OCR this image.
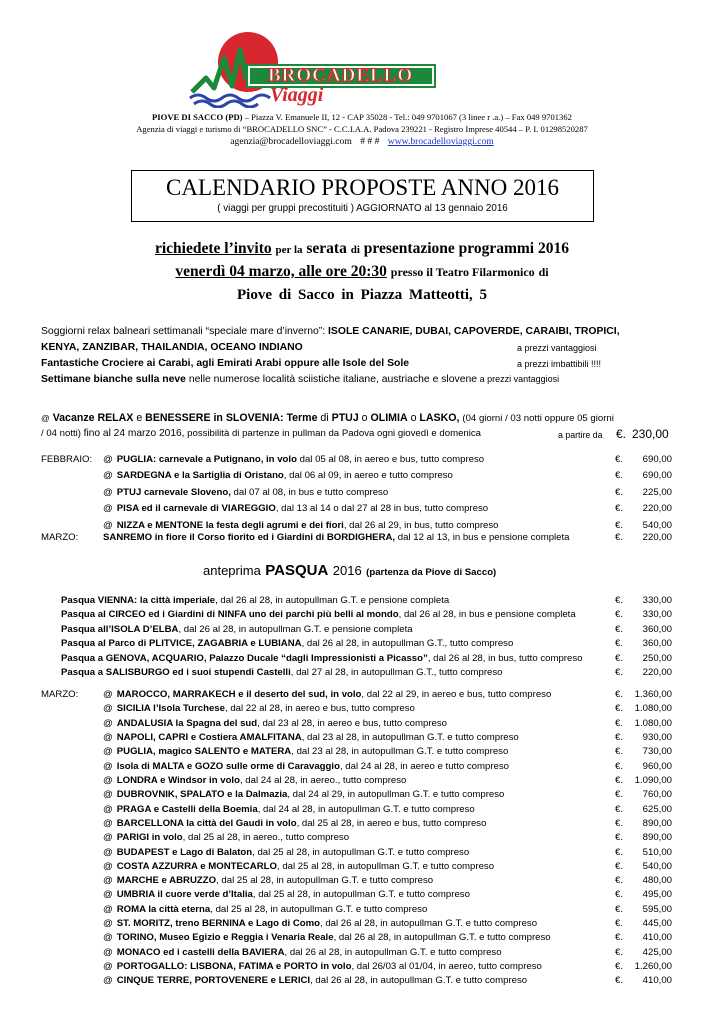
BROCADELLO
Viaggi
PIOVE DI SACCO (PD) – Piazza V. Emanuele II, 12 - CAP 35028 - Tel.: 049 9701067 (3 linee r .a.) – Fax 049 9701362
Agenzia di viaggi e turismo di “BROCADELLO SNC” - C.C.I.A.A. Padova 239221 - Registro Imprese 40544 – P. I. 01298520287
agenzia@brocadelloviaggi.com # # # www.brocadelloviaggi.com
CALENDARIO PROPOSTE ANNO 2016
( viaggi per gruppi precostituiti ) AGGIORNATO al 13 gennaio 2016
richiedete l’invito per la serata di presentazione programmi 2016
venerdì 04 marzo, alle ore 20:30 presso il Teatro Filarmonico di
Piove di Sacco in Piazza Matteotti, 5
Soggiorni relax balneari settimanali “speciale mare d’inverno”: ISOLE CANARIE, DUBAI, CAPOVERDE, CARAIBI, TROPICI,
KENYA, ZANZIBAR, THAILANDIA, OCEANO INDIANO	a prezzi vantaggiosi
Fantastiche Crociere ai Carabi, agli Emirati Arabi oppure alle Isole del Sole	a prezzi imbattibili !!!!
Settimane bianche sulla neve nelle numerose località sciistiche italiane, austriache e slovene a prezzi vantaggiosi
@ Vacanze RELAX e BENESSERE in SLOVENIA: Terme di PTUJ o OLIMIA o LASKO, (04 giorni / 03 notti oppure 05 giorni
/ 04 notti) fino al 24 marzo 2016, possibilità di partenze in pullman da Padova ogni giovedì e domenica	a partire da €. 230,00
FEBBRAIO: @ PUGLIA: carnevale a Putignano, in volo dal 05 al 08, in aereo e bus, tutto compreso	€. 690,00
@ SARDEGNA e la Sartiglia di Oristano, dal 06 al 09, in aereo e tutto compreso	€. 690,00
@ PTUJ carnevale Sloveno, dal 07 al 08, in bus e tutto compreso	€. 225,00
@ PISA ed il carnevale di VIAREGGIO, dal 13 al 14 o dal 27 al 28 in bus, tutto compreso	€. 220,00
@ NIZZA e MENTONE la festa degli agrumi e dei fiori, dal 26 al 29, in bus, tutto compreso	€. 540,00
MARZO:	SANREMO in fiore il Corso fiorito ed i Giardini di BORDIGHERA, dal 12 al 13, in bus e pensione completa	€. 220,00
anteprima PASQUA 2016 (partenza da Piove di Sacco)
Pasqua VIENNA: la città imperiale, dal 26 al 28, in autopullman G.T. e pensione completa	€. 330,00
Pasqua al CIRCEO ed i Giardini di NINFA uno dei parchi più belli al mondo, dal 26 al 28, in bus e pensione completa	€. 330,00
Pasqua all’ISOLA D’ELBA, dal 26 al 28, in autopullman G.T. e pensione completa	€. 360,00
Pasqua al Parco di PLITVICE, ZAGABRIA e LUBIANA, dal 26 al 28, in autopullman G.T., tutto compreso	€. 360,00
Pasqua a GENOVA, ACQUARIO, Palazzo Ducale “dagli Impressionisti a Picasso”, dal 26 al 28, in bus, tutto compreso	€. 250,00
Pasqua a SALISBURGO ed i suoi stupendi Castelli, dal 27 al 28, in autopullman G.T., tutto compreso	€. 220,00
MARZO:	@ MAROCCO, MARRAKECH e il deserto del sud, in volo, dal 22 al 29, in aereo e bus, tutto compreso	€. 1.360,00
@ SICILIA l’Isola Turchese, dal 22 al 28, in aereo e bus, tutto compreso	€. 1.080,00
@ ANDALUSIA la Spagna del sud, dal 23 al 28, in aereo e bus, tutto compreso	€. 1.080,00
@ NAPOLI, CAPRI e Costiera AMALFITANA, dal 23 al 28, in autopullman G.T. e tutto compreso	€. 930,00
@ PUGLIA, magico SALENTO e MATERA, dal 23 al 28, in autopullman G.T. e tutto compreso	€. 730,00
@ Isola di MALTA e GOZO sulle orme di Caravaggio, dal 24 al 28, in aereo e tutto compreso	€. 960,00
@ LONDRA e Windsor in volo, dal 24 al 28, in aereo., tutto compreso	€. 1.090,00
@ DUBROVNIK, SPALATO e la Dalmazia, dal 24 al 29, in autopullman G.T. e tutto compreso	€. 760,00
@ PRAGA e Castelli della Boemia, dal 24 al 28, in autopullman G.T. e tutto compreso	€. 625,00
@ BARCELLONA la città del Gaudi in volo, dal 25 al 28, in aereo e bus, tutto compreso	€. 890,00
@ PARIGI in volo, dal 25 al 28, in aereo., tutto compreso	€. 890,00
@ BUDAPEST e Lago di Balaton, dal 25 al 28, in autopullman G.T. e tutto compreso	€. 510,00
@ COSTA AZZURRA e MONTECARLO, dal 25 al 28, in autopullman G.T. e tutto compreso	€. 540,00
@ MARCHE e ABRUZZO, dal 25 al 28, in autopullman G.T. e tutto compreso	€. 480,00
@ UMBRIA il cuore verde d’Italia, dal 25 al 28, in autopullman G.T. e tutto compreso	€. 495,00
@ ROMA la città eterna, dal 25 al 28, in autopullman G.T. e tutto compreso	€. 595,00
@ ST. MORITZ, treno BERNINA e Lago di Como, dal 26 al 28, in autopullman G.T. e tutto compreso	€. 445,00
@ TORINO, Museo Egizio e Reggia i Venaria Reale, dal 26 al 28, in autopullman G.T. e tutto compreso	€. 410,00
@ MONACO ed i castelli della BAVIERA, dal 26 al 28, in autopullman G.T. e tutto compreso	€. 425,00
@ PORTOGALLO: LISBONA, FATIMA e PORTO in volo, dal 26/03 al 01/04, in aereo, tutto compreso	€. 1.260,00
@ CINQUE TERRE, PORTOVENERE e LERICI, dal 26 al 28, in autopullman G.T. e tutto compreso	€. 410,00
